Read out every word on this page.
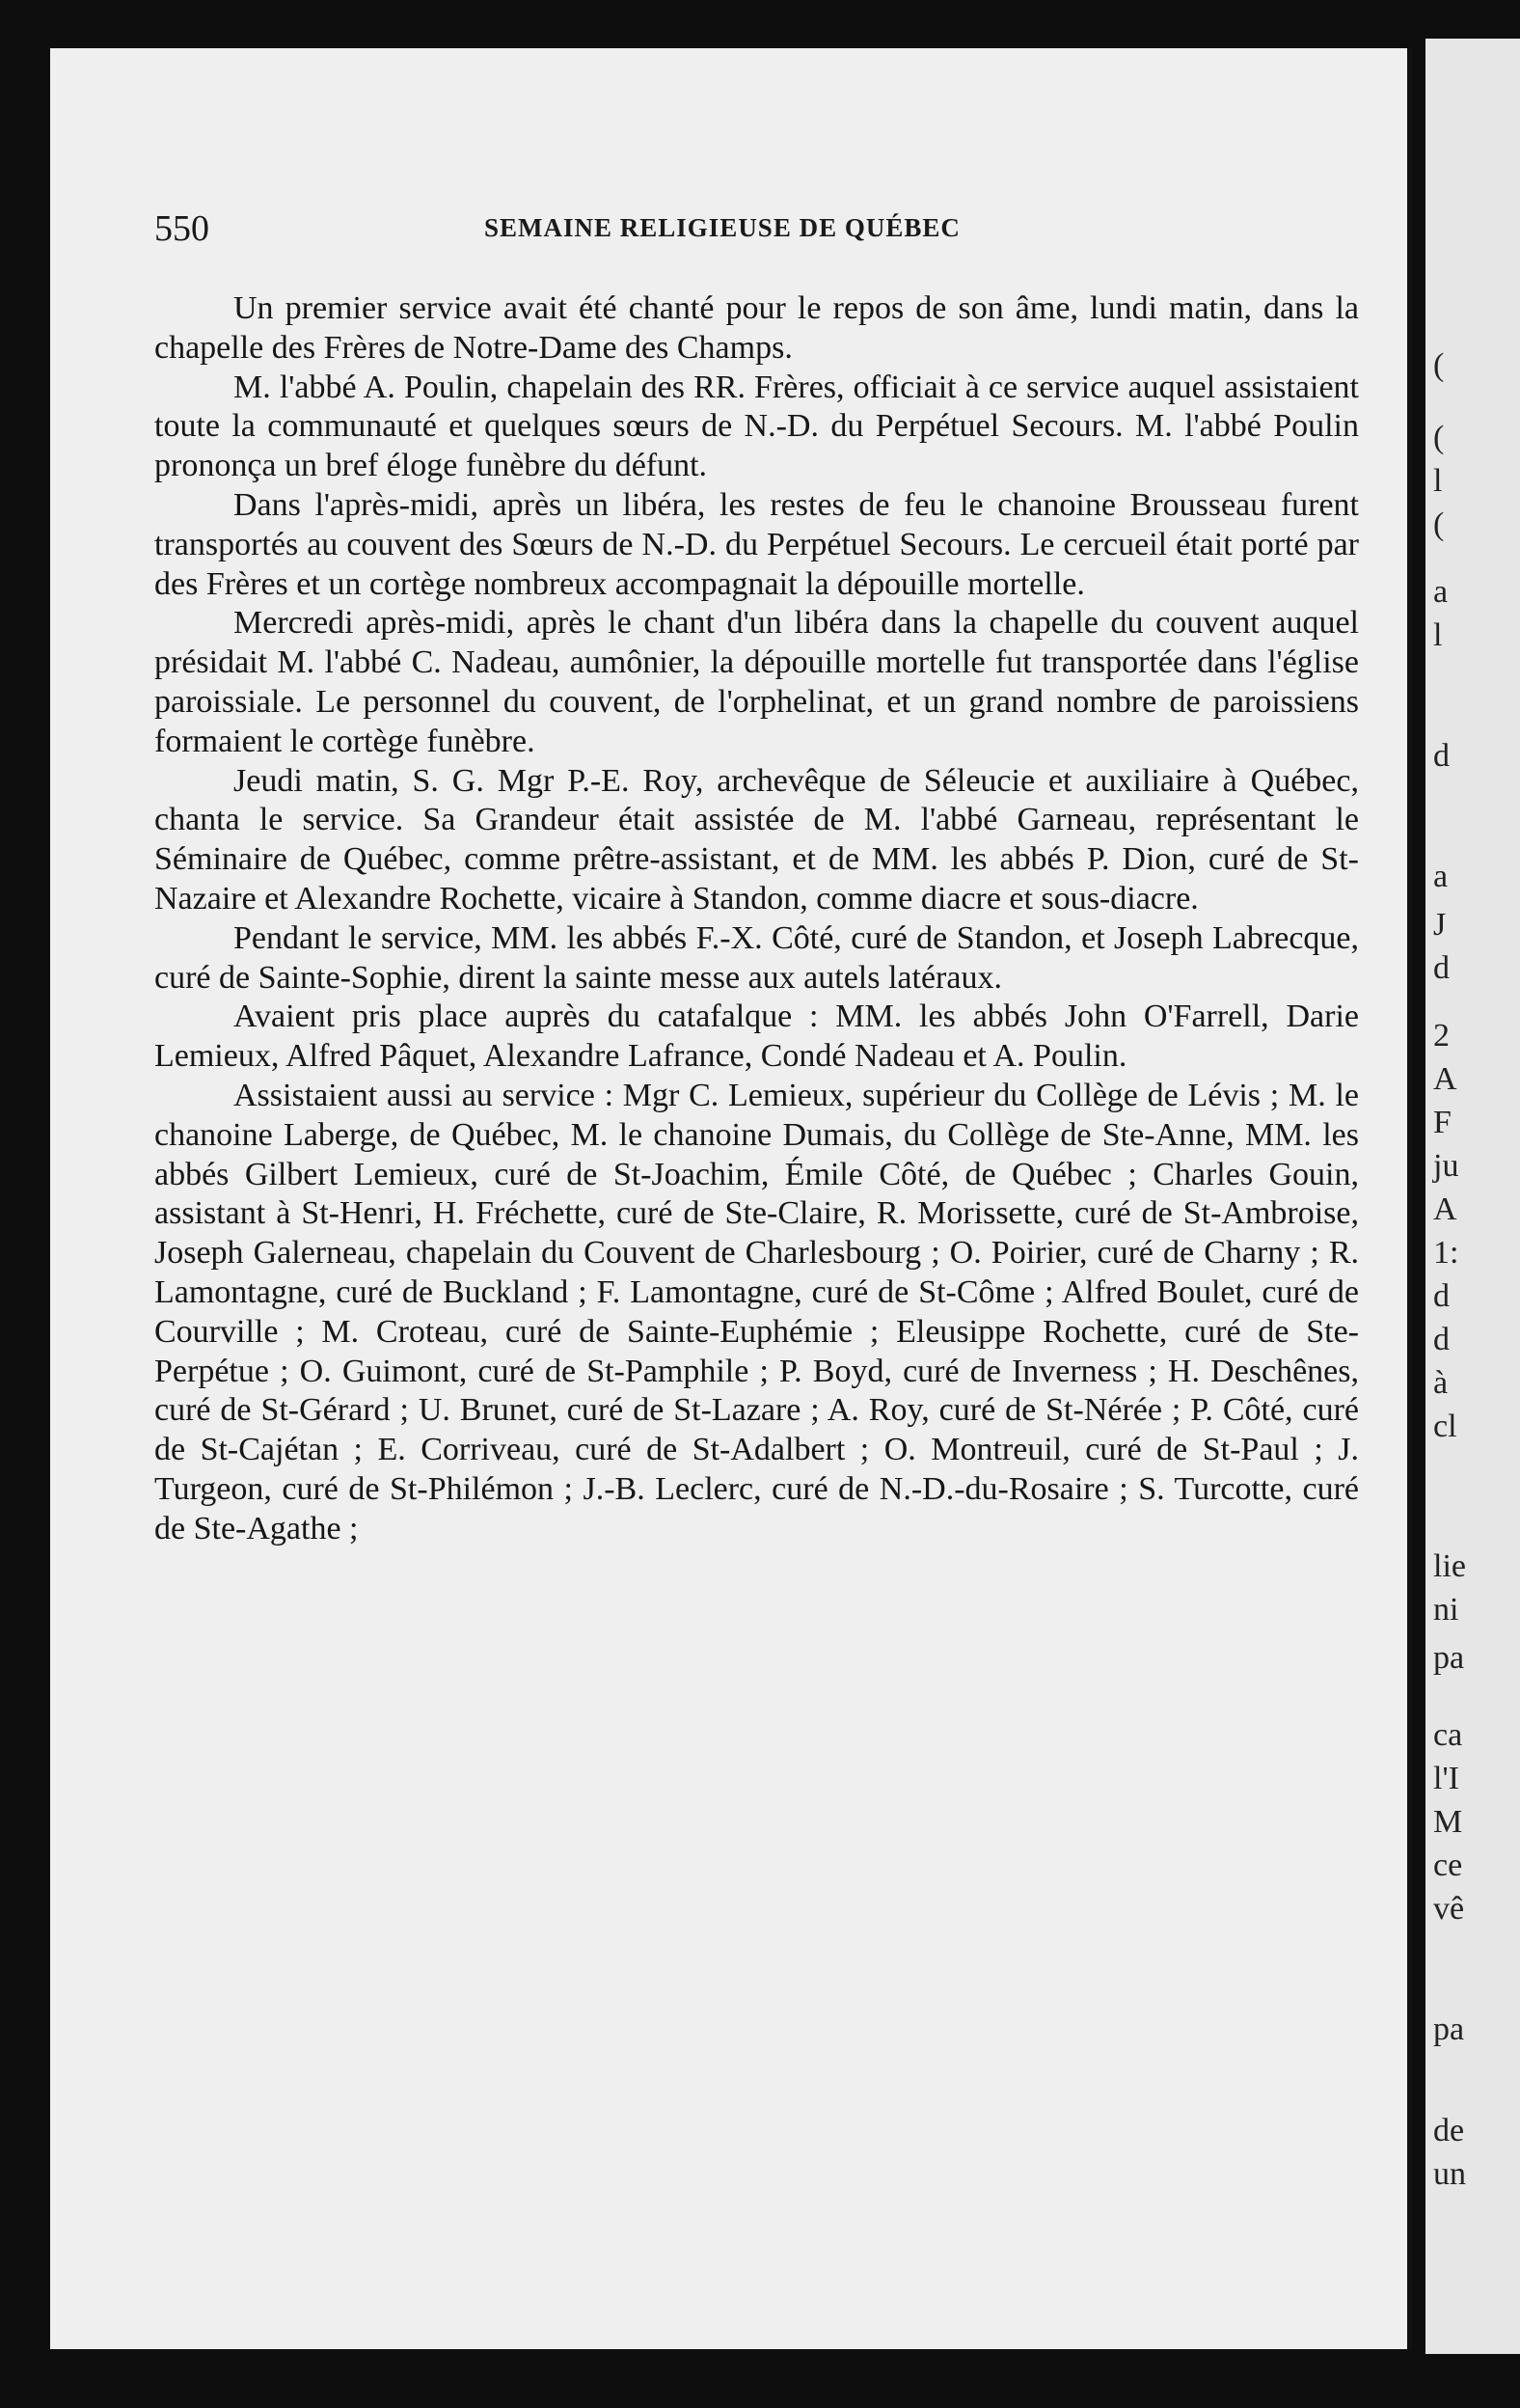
(
(
l
(
a
l
d
a
J
d
2
A
F
ju
A
1:
d
d
à
cl
lie
ni
pa
ca
l'I
M
ce
vê
pa
de
un
550	SEMAINE RELIGIEUSE DE QUÉBEC

Un premier service avait été chanté pour le repos de son âme, lundi matin, dans la chapelle des Frères de Notre-Dame des Champs.

M. l'abbé A. Poulin, chapelain des RR. Frères, officiait à ce service auquel assistaient toute la communauté et quelques sœurs de N.-D. du Perpétuel Secours. M. l'abbé Poulin prononça un bref éloge funèbre du défunt.

Dans l'après-midi, après un libéra, les restes de feu le chanoine Brousseau furent transportés au couvent des Sœurs de N.-D. du Perpétuel Secours. Le cercueil était porté par des Frères et un cortège nombreux accompagnait la dépouille mortelle.

Mercredi après-midi, après le chant d'un libéra dans la chapelle du couvent auquel présidait M. l'abbé C. Nadeau, aumônier, la dépouille mortelle fut transportée dans l'église paroissiale. Le personnel du couvent, de l'orphelinat, et un grand nombre de paroissiens formaient le cortège funèbre.

Jeudi matin, S. G. Mgr P.-E. Roy, archevêque de Séleucie et auxiliaire à Québec, chanta le service. Sa Grandeur était assistée de M. l'abbé Garneau, représentant le Séminaire de Québec, comme prêtre-assistant, et de MM. les abbés P. Dion, curé de St-Nazaire et Alexandre Rochette, vicaire à Standon, comme diacre et sous-diacre.

Pendant le service, MM. les abbés F.-X. Côté, curé de Standon, et Joseph Labrecque, curé de Sainte-Sophie, dirent la sainte messe aux autels latéraux.

Avaient pris place auprès du catafalque : MM. les abbés John O'Farrell, Darie Lemieux, Alfred Pâquet, Alexandre Lafrance, Condé Nadeau et A. Poulin.

Assistaient aussi au service : Mgr C. Lemieux, supérieur du Collège de Lévis ; M. le chanoine Laberge, de Québec, M. le chanoine Dumais, du Collège de Ste-Anne, MM. les abbés Gilbert Lemieux, curé de St-Joachim, Émile Côté, de Québec ; Charles Gouin, assistant à St-Henri, H. Fréchette, curé de Ste-Claire, R. Morissette, curé de St-Ambroise, Joseph Galerneau, chapelain du Couvent de Charlesbourg ; O. Poirier, curé de Charny ; R. Lamontagne, curé de Buckland ; F. Lamontagne, curé de St-Côme ; Alfred Boulet, curé de Courville ; M. Croteau, curé de Sainte-Euphémie ; Eleusippe Rochette, curé de Ste-Perpétue ; O. Guimont, curé de St-Pamphile ; P. Boyd, curé de Inverness ; H. Deschênes, curé de St-Gérard ; U. Brunet, curé de St-Lazare ; A. Roy, curé de St-Nérée ; P. Côté, curé de St-Cajétan ; E. Corriveau, curé de St-Adalbert ; O. Montreuil, curé de St-Paul ; J. Turgeon, curé de St-Philémon ; J.-B. Leclerc, curé de N.-D.-du-Rosaire ; S. Turcotte, curé de Ste-Agathe ;
